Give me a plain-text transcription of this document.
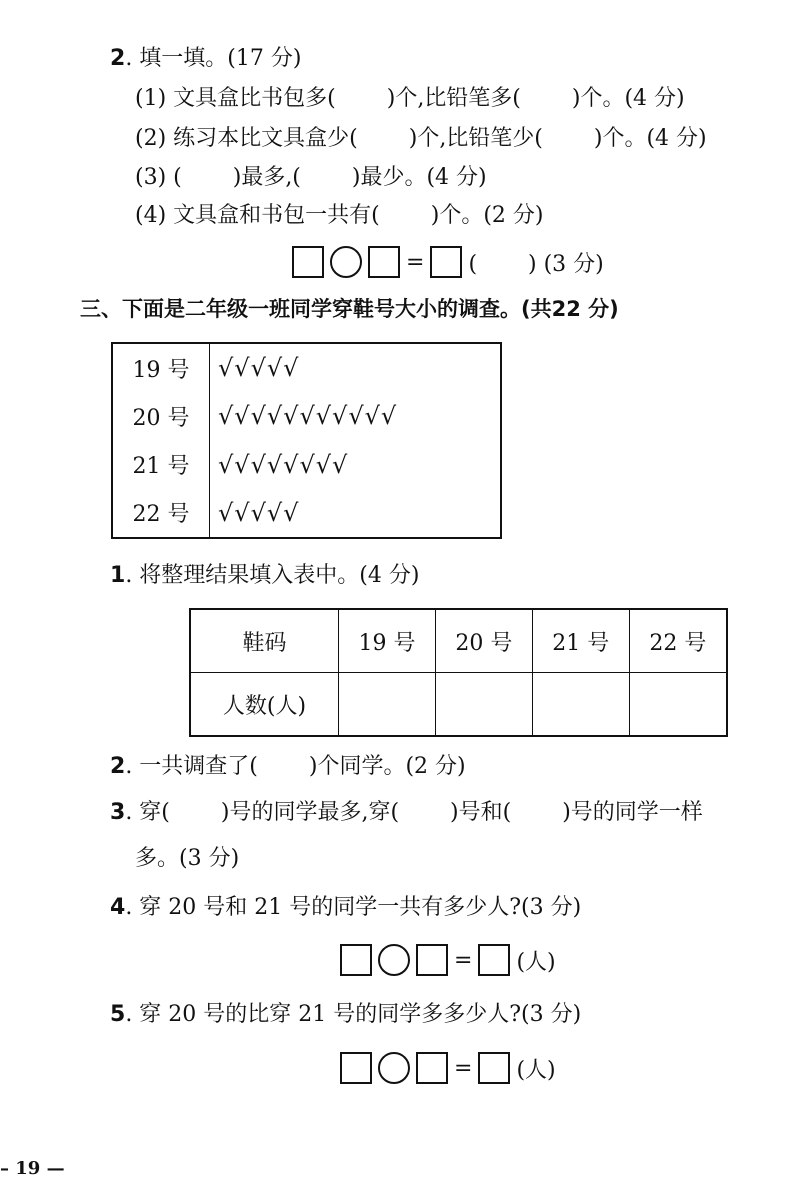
2. 填一填。(17 分)
(1) 文具盒比书包多(　　 )个,比铅笔多(　　 )个。(4 分)
(2) 练习本比文具盒少(　　 )个,比铅笔少(　　 )个。(4 分)
(3) (　　 )最多,(　　 )最少。(4 分)
(4) 文具盒和书包一共有(　　 )个。(2 分)
= (　　 ) (3 分)
三、下面是二年级一班同学穿鞋号大小的调查。(共22 分)
19 号	√√√√√
20 号	√√√√√√√√√√√
21 号	√√√√√√√√
22 号	√√√√√
1. 将整理结果填入表中。(4 分)
鞋码	19 号	20 号	21 号	22 号
人数(人)				
2. 一共调查了(　　 )个同学。(2 分)
3. 穿(　　 )号的同学最多,穿(　　 )号和(　　 )号的同学一样
多。(3 分)
4. 穿 20 号和 21 号的同学一共有多少人?(3 分)
= (人)
5. 穿 20 号的比穿 21 号的同学多多少人?(3 分)
= (人)
– 19 —
